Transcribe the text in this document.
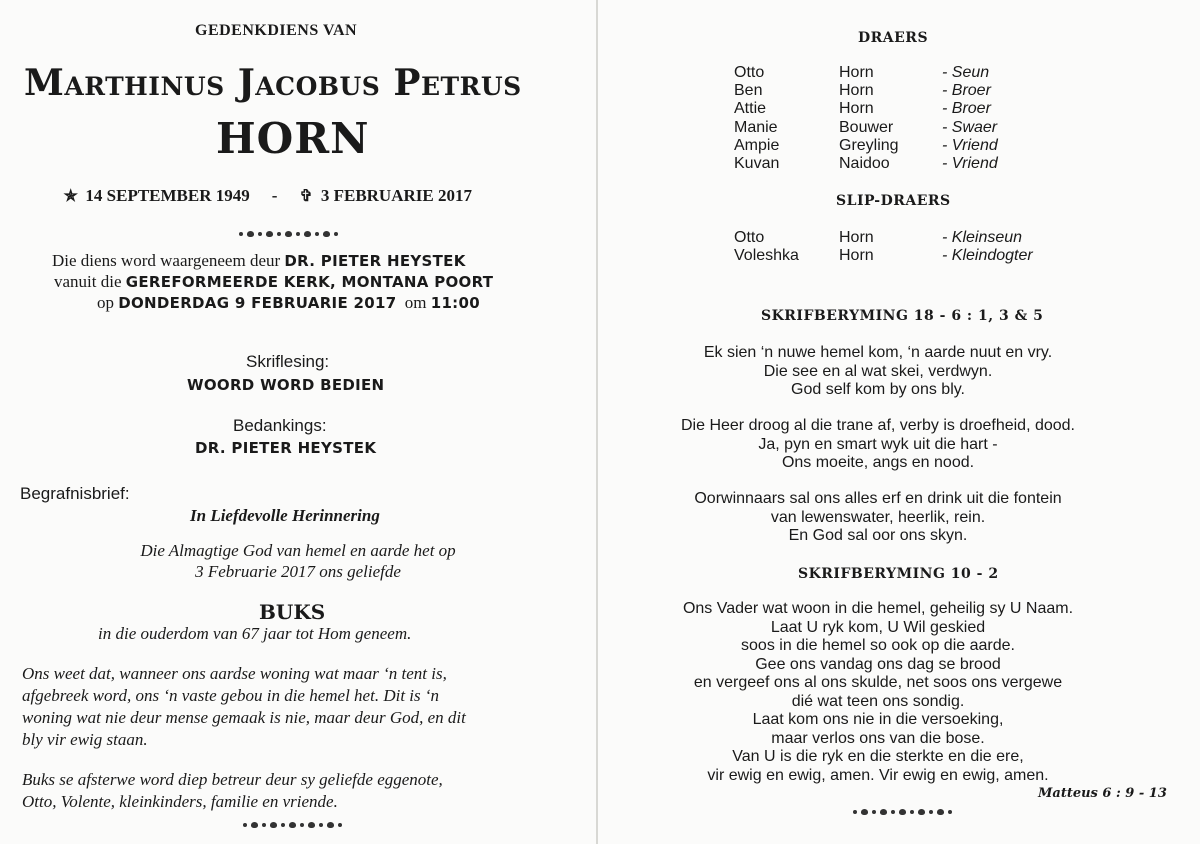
GEDENKDIENS VAN
Marthinus Jacobus Petrus
HORN
✯ 14 SEPTEMBER 1949 - ✞ 3 FEBRUARIE 2017
Die diens word waargeneem deur DR. PIETER HEYSTEK
vanuit die GEREFORMEERDE KERK, MONTANA POORT
op DONDERDAG 9 FEBRUARIE 2017 om 11:00
Skriflesing:
WOORD WORD BEDIEN
Bedankings:
DR. PIETER HEYSTEK
Begrafnisbrief:
In Liefdevolle Herinnering
Die Almagtige God van hemel en aarde het op
3 Februarie 2017 ons geliefde
BUKS
in die ouderdom van 67 jaar tot Hom geneem.
Ons weet dat, wanneer ons aardse woning wat maar ‘n tent is,
afgebreek word, ons ‘n vaste gebou in die hemel het. Dit is ‘n
woning wat nie deur mense gemaak is nie, maar deur God, en dit
bly vir ewig staan.
Buks se afsterwe word diep betreur deur sy geliefde eggenote,
Otto, Volente, kleinkinders, familie en vriende.
DRAERS
Otto	Horn	- Seun
Ben	Horn	- Broer
Attie	Horn	- Broer
Manie	Bouwer	- Swaer
Ampie	Greyling	- Vriend
Kuvan	Naidoo	- Vriend
SLIP-DRAERS
Otto	Horn	- Kleinseun
Voleshka	Horn	- Kleindogter
SKRIFBERYMING 18 - 6 : 1, 3 & 5
Ek sien ‘n nuwe hemel kom, ‘n aarde nuut en vry.
Die see en al wat skei, verdwyn.
God self kom by ons bly.
Die Heer droog al die trane af, verby is droefheid, dood.
Ja, pyn en smart wyk uit die hart -
Ons moeite, angs en nood.
Oorwinnaars sal ons alles erf en drink uit die fontein
van lewenswater, heerlik, rein.
En God sal oor ons skyn.
SKRIFBERYMING 10 - 2
Ons Vader wat woon in die hemel, geheilig sy U Naam.
Laat U ryk kom, U Wil geskied
soos in die hemel so ook op die aarde.
Gee ons vandag ons dag se brood
en vergeef ons al ons skulde, net soos ons vergewe
dié wat teen ons sondig.
Laat kom ons nie in die versoeking,
maar verlos ons van die bose.
Van U is die ryk en die sterkte en die ere,
vir ewig en ewig, amen. Vir ewig en ewig, amen.
Matteus 6 : 9 - 13
